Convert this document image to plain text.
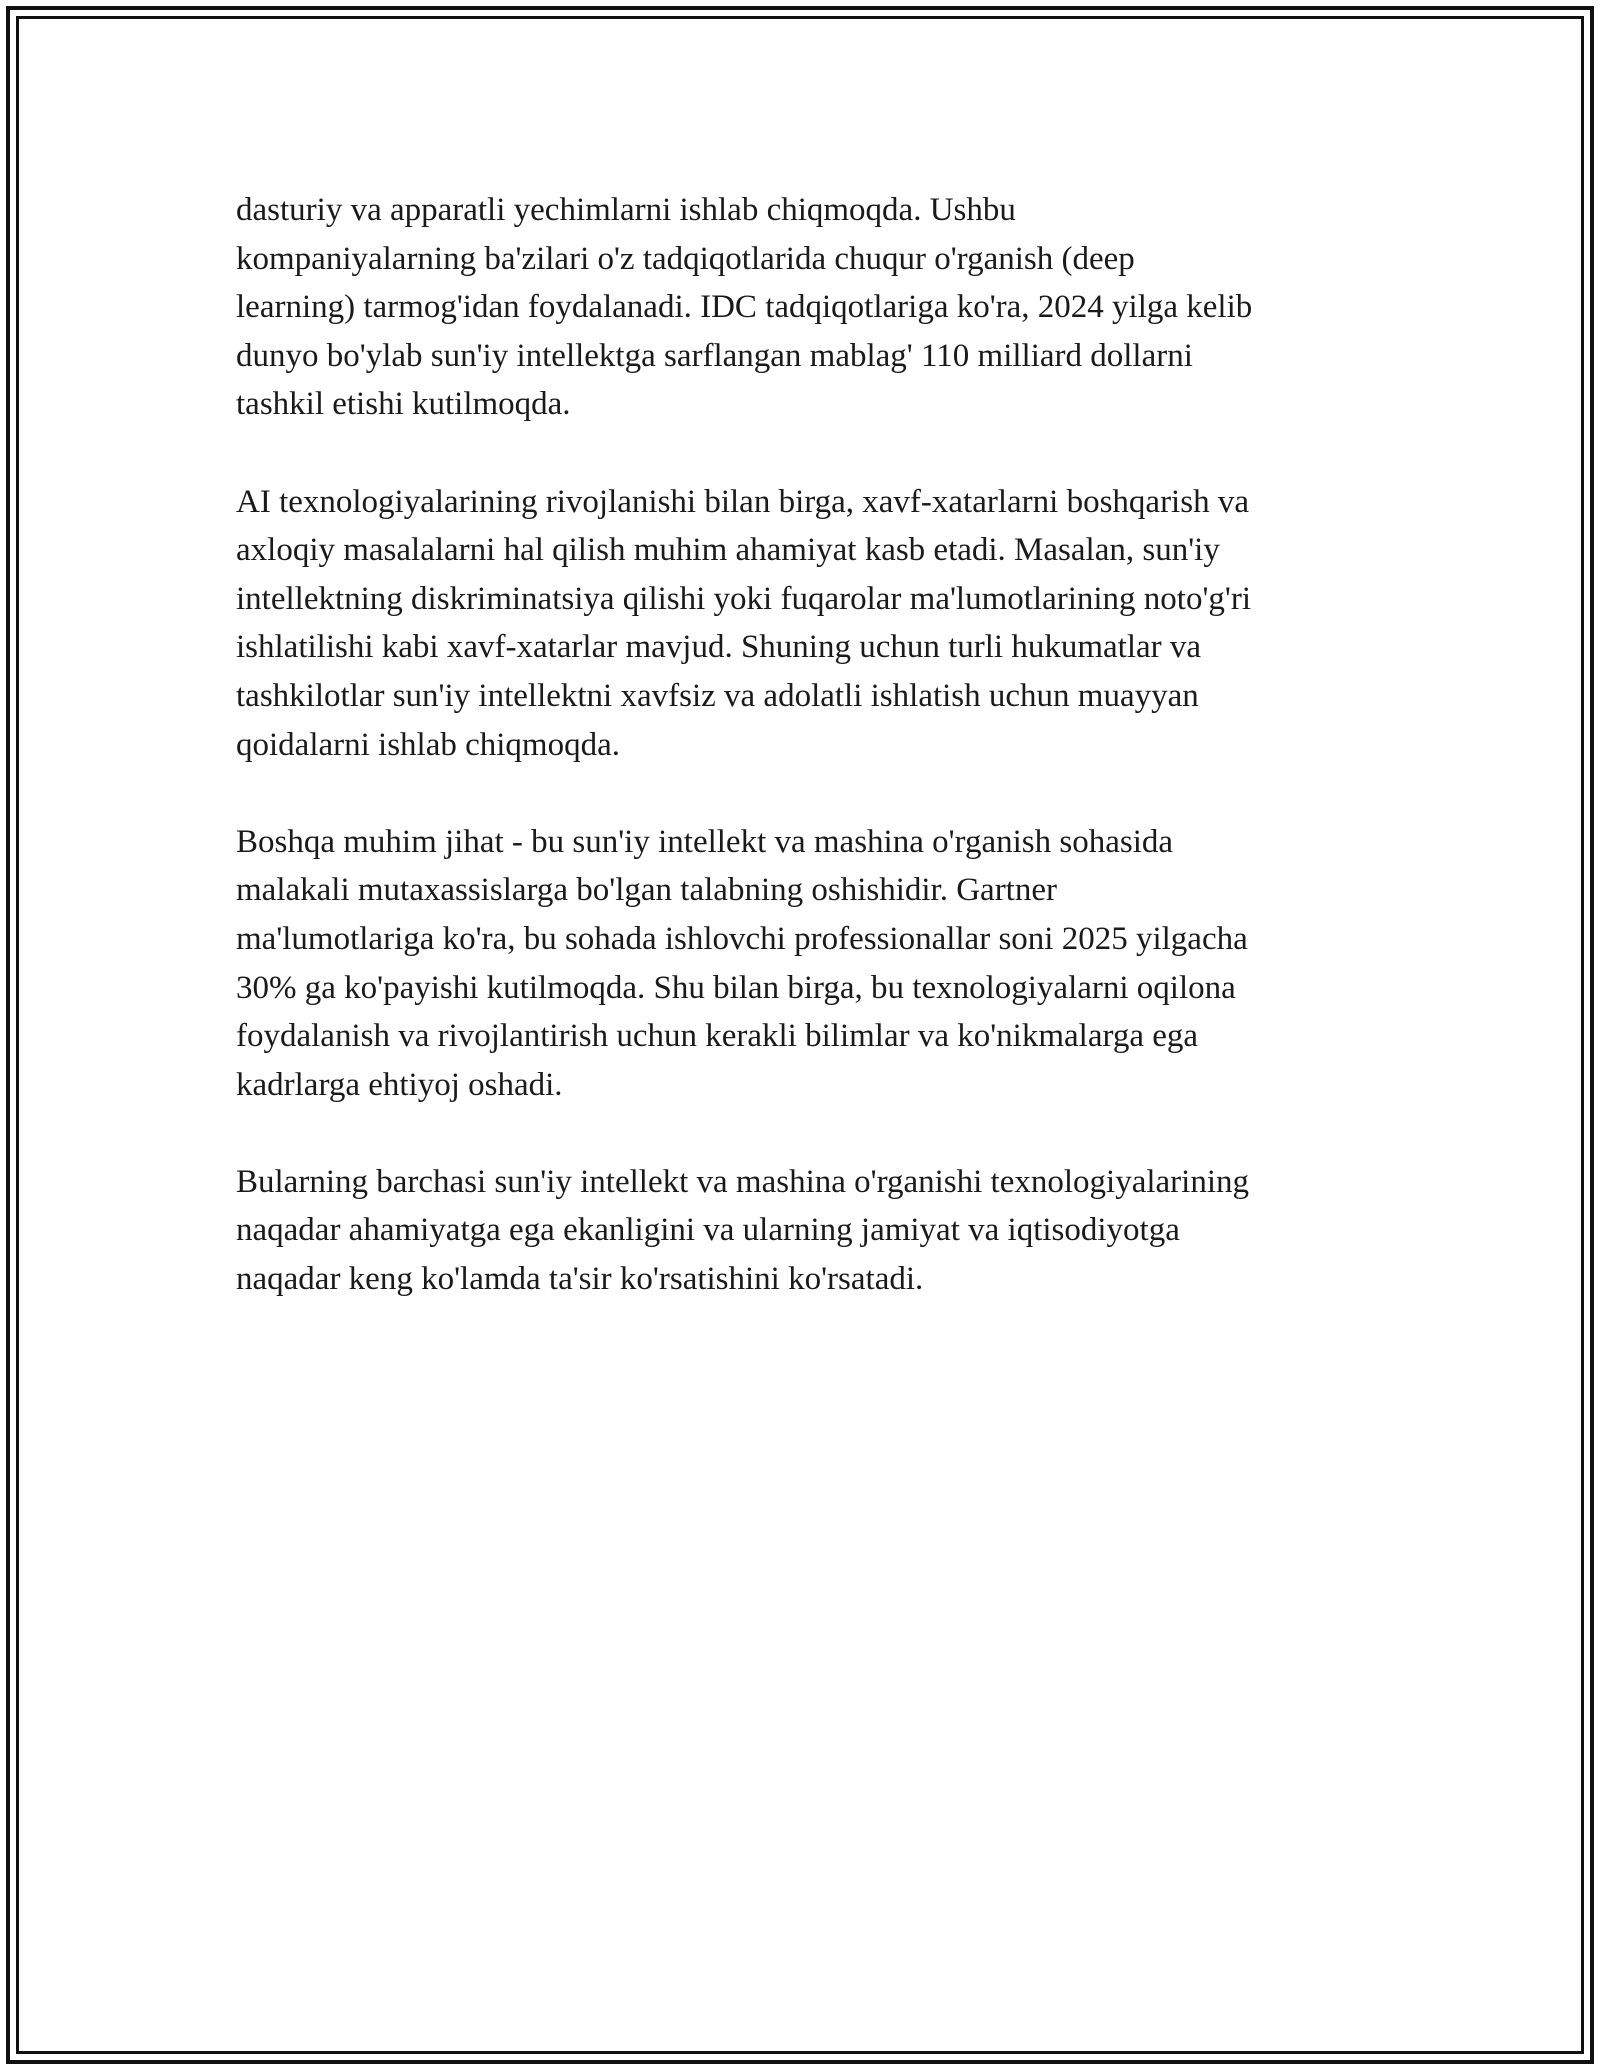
dasturiy va apparatli yechimlarni ishlab chiqmoqda. Ushbu
kompaniyalarning ba'zilari o'z tadqiqotlarida chuqur o'rganish (deep
learning) tarmog'idan foydalanadi. IDC tadqiqotlariga ko'ra, 2024 yilga kelib
dunyo bo'ylab sun'iy intellektga sarflangan mablag' 110 milliard dollarni
tashkil etishi kutilmoqda.

AI texnologiyalarining rivojlanishi bilan birga, xavf-xatarlarni boshqarish va
axloqiy masalalarni hal qilish muhim ahamiyat kasb etadi. Masalan, sun'iy
intellektning diskriminatsiya qilishi yoki fuqarolar ma'lumotlarining noto'g'ri
ishlatilishi kabi xavf-xatarlar mavjud. Shuning uchun turli hukumatlar va
tashkilotlar sun'iy intellektni xavfsiz va adolatli ishlatish uchun muayyan
qoidalarni ishlab chiqmoqda.

Boshqa muhim jihat - bu sun'iy intellekt va mashina o'rganish sohasida
malakali mutaxassislarga bo'lgan talabning oshishidir. Gartner
ma'lumotlariga ko'ra, bu sohada ishlovchi professionallar soni 2025 yilgacha
30% ga ko'payishi kutilmoqda. Shu bilan birga, bu texnologiyalarni oqilona
foydalanish va rivojlantirish uchun kerakli bilimlar va ko'nikmalarga ega
kadrlarga ehtiyoj oshadi.

Bularning barchasi sun'iy intellekt va mashina o'rganishi texnologiyalarining
naqadar ahamiyatga ega ekanligini va ularning jamiyat va iqtisodiyotga
naqadar keng ko'lamda ta'sir ko'rsatishini ko'rsatadi.
